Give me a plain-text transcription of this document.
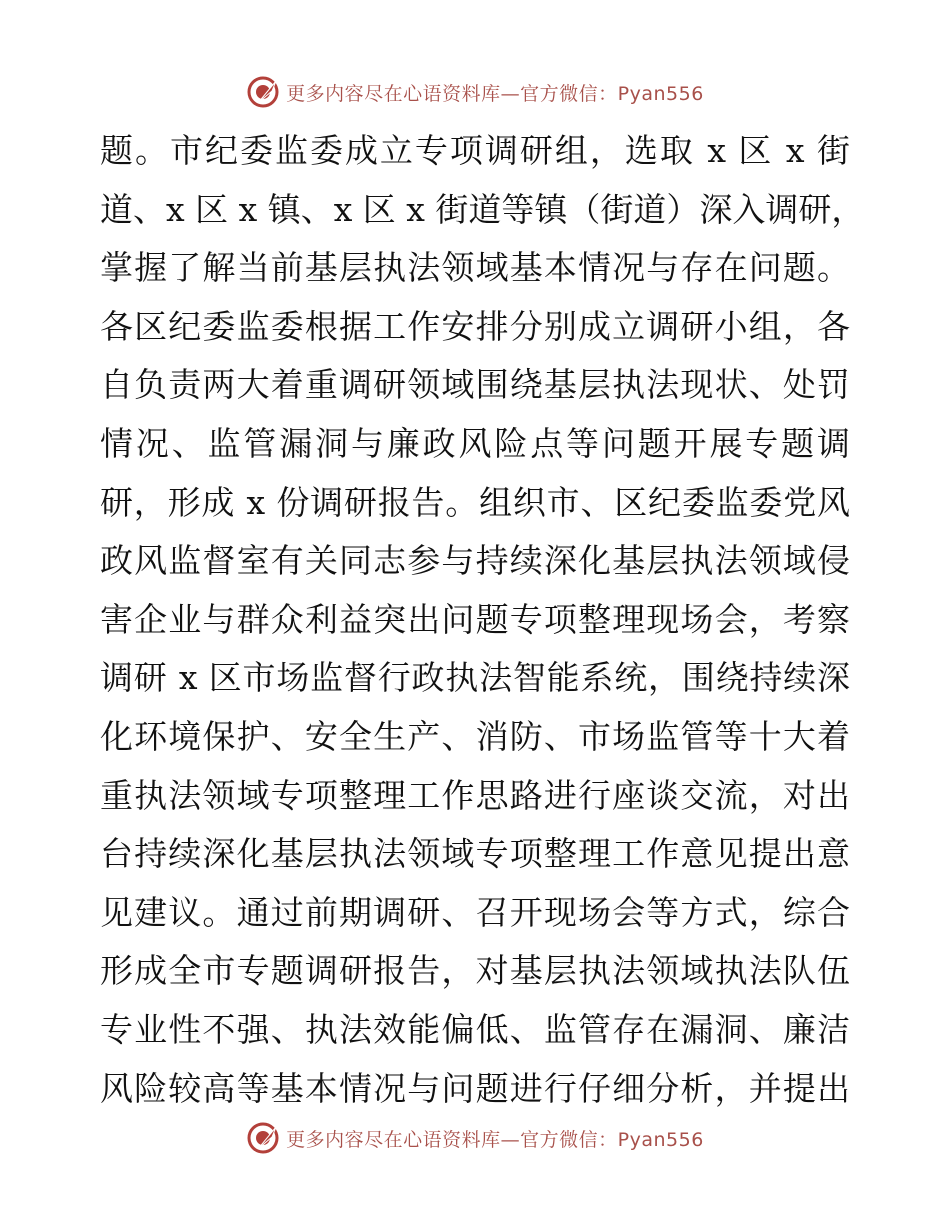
更多内容尽在心语资料库—官方微信：Pyan556
题。市纪委监委成立专项调研组，选取 x 区 x 街
道、x 区 x 镇、x 区 x 街道等镇（街道）深入调研，
掌握了解当前基层执法领域基本情况与存在问题。
各区纪委监委根据工作安排分别成立调研小组，各
自负责两大着重调研领域围绕基层执法现状、处罚
情况、监管漏洞与廉政风险点等问题开展专题调
研，形成 x 份调研报告。组织市、区纪委监委党风
政风监督室有关同志参与持续深化基层执法领域侵
害企业与群众利益突出问题专项整理现场会，考察
调研 x 区市场监督行政执法智能系统，围绕持续深
化环境保护、安全生产、消防、市场监管等十大着
重执法领域专项整理工作思路进行座谈交流，对出
台持续深化基层执法领域专项整理工作意见提出意
见建议。通过前期调研、召开现场会等方式，综合
形成全市专题调研报告，对基层执法领域执法队伍
专业性不强、执法效能偏低、监管存在漏洞、廉洁
风险较高等基本情况与问题进行仔细分析，并提出
更多内容尽在心语资料库—官方微信：Pyan556
